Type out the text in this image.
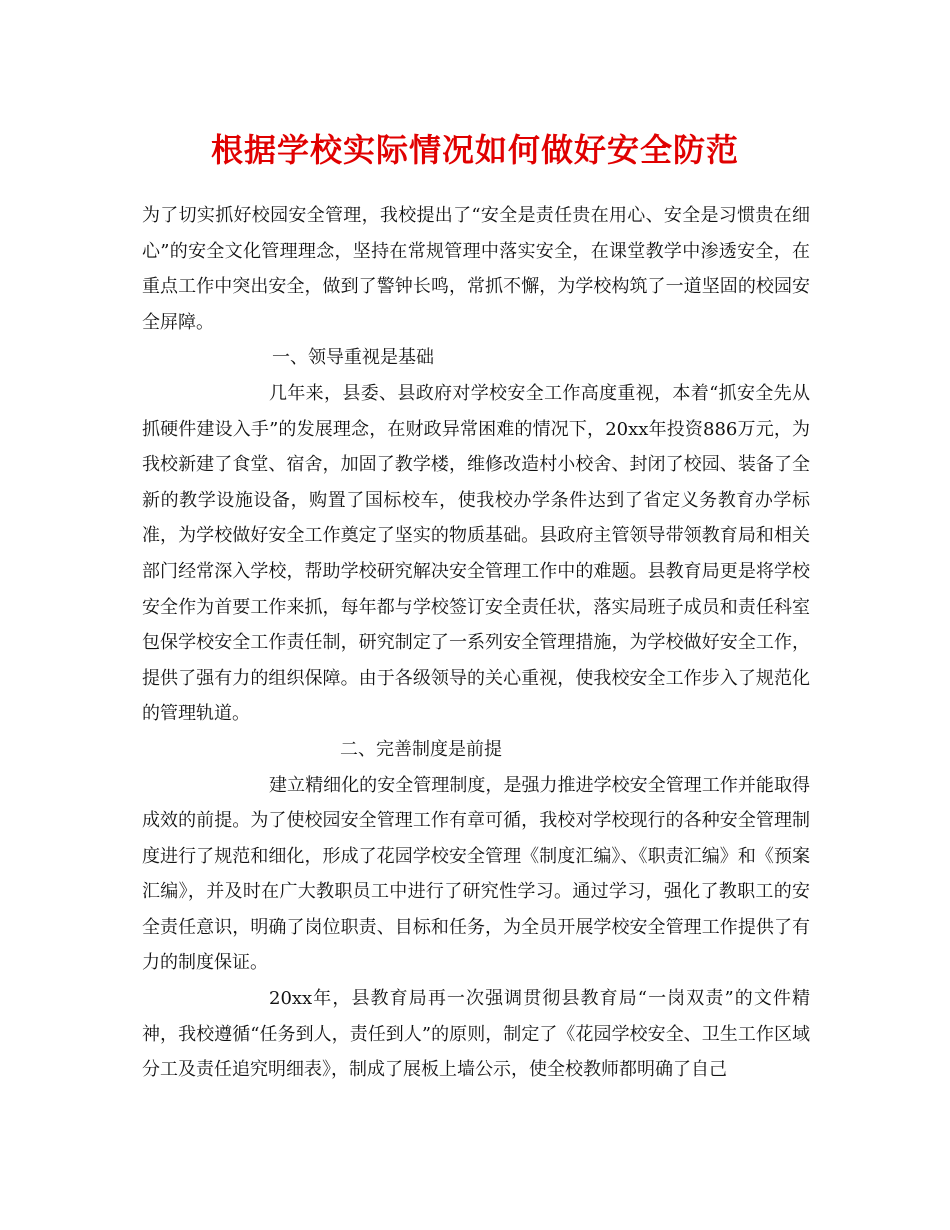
根据学校实际情况如何做好安全防范

为了切实抓好校园安全管理，我校提出了“安全是责任贵在用心、安全是习惯贵在细心”的安全文化管理理念，坚持在常规管理中落实安全，在课堂教学中渗透安全，在重点工作中突出安全，做到了警钟长鸣，常抓不懈，为学校构筑了一道坚固的校园安全屏障。

一、领导重视是基础

几年来，县委、县政府对学校安全工作高度重视，本着“抓安全先从抓硬件建设入手”的发展理念，在财政异常困难的情况下，20xx年投资886万元，为我校新建了食堂、宿舍，加固了教学楼，维修改造村小校舍、封闭了校园、装备了全新的教学设施设备，购置了国标校车，使我校办学条件达到了省定义务教育办学标准，为学校做好安全工作奠定了坚实的物质基础。县政府主管领导带领教育局和相关部门经常深入学校，帮助学校研究解决安全管理工作中的难题。县教育局更是将学校安全作为首要工作来抓，每年都与学校签订安全责任状，落实局班子成员和责任科室包保学校安全工作责任制，研究制定了一系列安全管理措施，为学校做好安全工作，提供了强有力的组织保障。由于各级领导的关心重视，使我校安全工作步入了规范化的管理轨道。

二、完善制度是前提

建立精细化的安全管理制度，是强力推进学校安全管理工作并能取得成效的前提。为了使校园安全管理工作有章可循，我校对学校现行的各种安全管理制度进行了规范和细化，形成了花园学校安全管理《制度汇编》、《职责汇编》和《预案汇编》，并及时在广大教职员工中进行了研究性学习。通过学习，强化了教职工的安全责任意识，明确了岗位职责、目标和任务，为全员开展学校安全管理工作提供了有力的制度保证。

20xx年，县教育局再一次强调贯彻县教育局“一岗双责”的文件精神，我校遵循“任务到人，责任到人”的原则，制定了《花园学校安全、卫生工作区域分工及责任追究明细表》，制成了展板上墙公示，使全校教师都明确了自己
